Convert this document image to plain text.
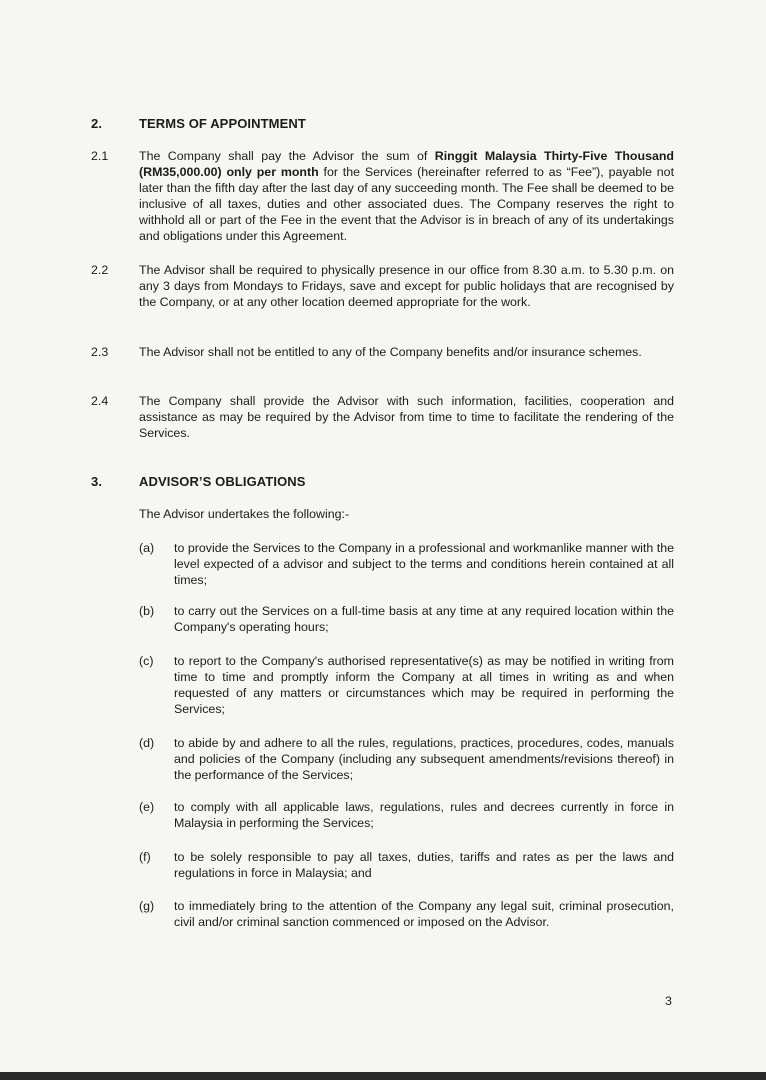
2.	TERMS OF APPOINTMENT
2.1 The Company shall pay the Advisor the sum of Ringgit Malaysia Thirty-Five Thousand (RM35,000.00) only per month for the Services (hereinafter referred to as “Fee”), payable not later than the fifth day after the last day of any succeeding month. The Fee shall be deemed to be inclusive of all taxes, duties and other associated dues. The Company reserves the right to withhold all or part of the Fee in the event that the Advisor is in breach of any of its undertakings and obligations under this Agreement.
2.2 The Advisor shall be required to physically presence in our office from 8.30 a.m. to 5.30 p.m. on any 3 days from Mondays to Fridays, save and except for public holidays that are recognised by the Company, or at any other location deemed appropriate for the work.
2.3 The Advisor shall not be entitled to any of the Company benefits and/or insurance schemes.
2.4 The Company shall provide the Advisor with such information, facilities, cooperation and assistance as may be required by the Advisor from time to time to facilitate the rendering of the Services.
3.	ADVISOR’S OBLIGATIONS
The Advisor undertakes the following:-
(a) to provide the Services to the Company in a professional and workmanlike manner with the level expected of a advisor and subject to the terms and conditions herein contained at all times;
(b) to carry out the Services on a full-time basis at any time at any required location within the Company's operating hours;
(c) to report to the Company's authorised representative(s) as may be notified in writing from time to time and promptly inform the Company at all times in writing as and when requested of any matters or circumstances which may be required in performing the Services;
(d) to abide by and adhere to all the rules, regulations, practices, procedures, codes, manuals and policies of the Company (including any subsequent amendments/revisions thereof) in the performance of the Services;
(e) to comply with all applicable laws, regulations, rules and decrees currently in force in Malaysia in performing the Services;
(f) to be solely responsible to pay all taxes, duties, tariffs and rates as per the laws and regulations in force in Malaysia; and
(g) to immediately bring to the attention of the Company any legal suit, criminal prosecution, civil and/or criminal sanction commenced or imposed on the Advisor.
3
